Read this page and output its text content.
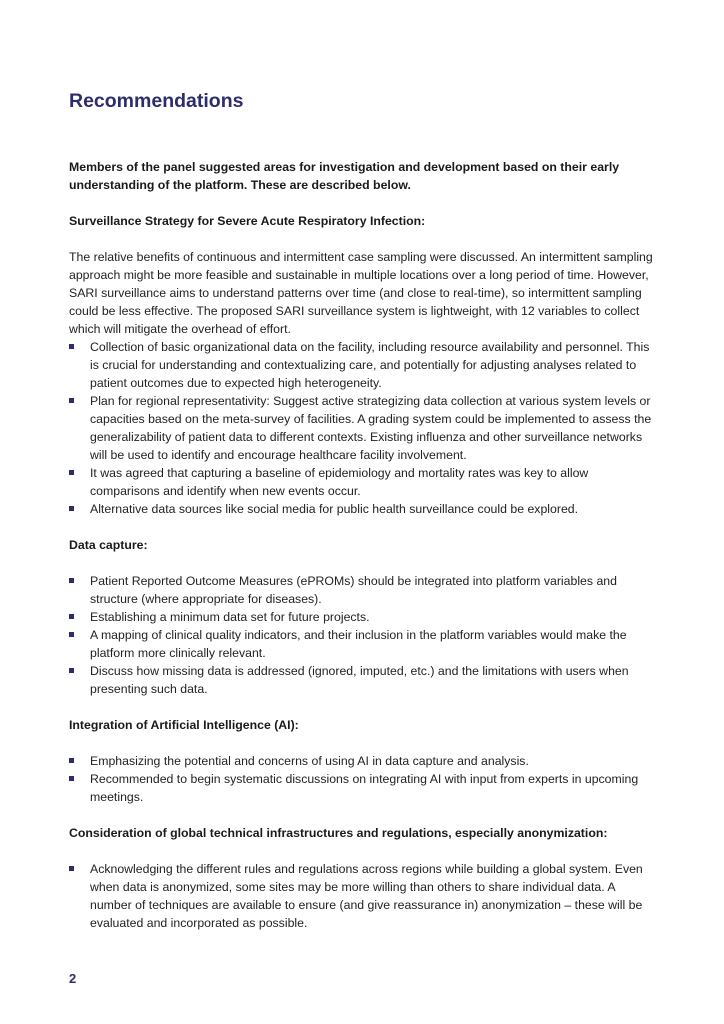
Recommendations

Members of the panel suggested areas for investigation and development based on their early understanding of the platform. These are described below.

Surveillance Strategy for Severe Acute Respiratory Infection:

The relative benefits of continuous and intermittent case sampling were discussed. An intermittent sampling approach might be more feasible and sustainable in multiple locations over a long period of time. However, SARI surveillance aims to understand patterns over time (and close to real-time), so intermittent sampling could be less effective. The proposed SARI surveillance system is lightweight, with 12 variables to collect which will mitigate the overhead of effort.

Collection of basic organizational data on the facility, including resource availability and personnel. This is crucial for understanding and contextualizing care, and potentially for adjusting analyses related to patient outcomes due to expected high heterogeneity.
Plan for regional representativity: Suggest active strategizing data collection at various system levels or capacities based on the meta-survey of facilities. A grading system could be implemented to assess the generalizability of patient data to different contexts. Existing influenza and other surveillance networks will be used to identify and encourage healthcare facility involvement.
It was agreed that capturing a baseline of epidemiology and mortality rates was key to allow comparisons and identify when new events occur.
Alternative data sources like social media for public health surveillance could be explored.

Data capture:

Patient Reported Outcome Measures (ePROMs) should be integrated into platform variables and structure (where appropriate for diseases).
Establishing a minimum data set for future projects.
A mapping of clinical quality indicators, and their inclusion in the platform variables would make the platform more clinically relevant.
Discuss how missing data is addressed (ignored, imputed, etc.) and the limitations with users when presenting such data.

Integration of Artificial Intelligence (AI):

Emphasizing the potential and concerns of using AI in data capture and analysis.
Recommended to begin systematic discussions on integrating AI with input from experts in upcoming meetings.

Consideration of global technical infrastructures and regulations, especially anonymization:

Acknowledging the different rules and regulations across regions while building a global system. Even when data is anonymized, some sites may be more willing than others to share individual data. A number of techniques are available to ensure (and give reassurance in) anonymization – these will be evaluated and incorporated as possible.
2
